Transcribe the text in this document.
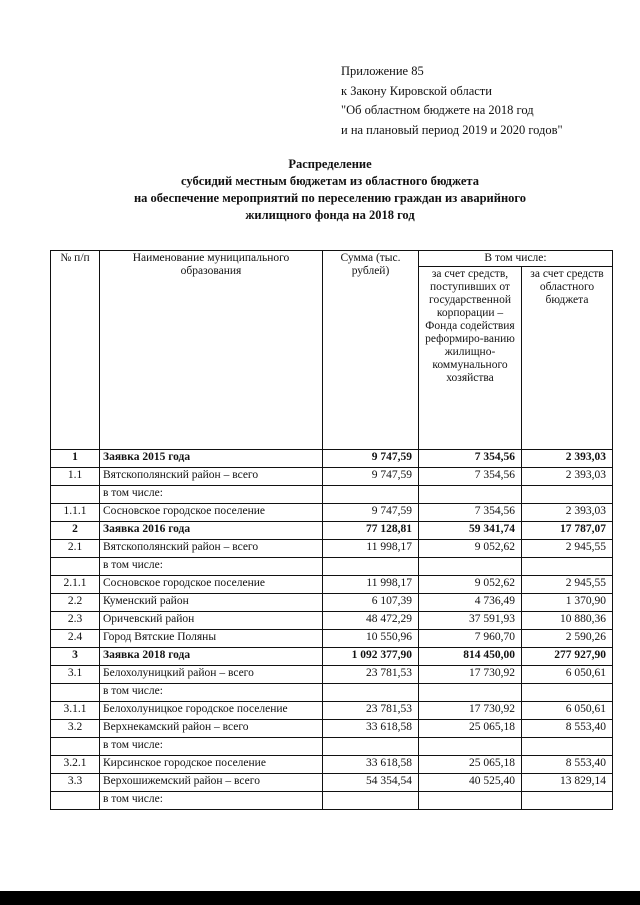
Приложение 85
к Закону Кировской области
"Об областном бюджете на 2018 год
и на плановый период 2019 и 2020 годов"
Распределение
субсидий местным бюджетам из областного бюджета
на обеспечение мероприятий по переселению граждан из аварийного
жилищного фонда на 2018 год
№ п/п	Наименование муниципального образования	Сумма (тыс. рублей)	В том числе:	
			за счет средств, поступивших от государственной корпорации – Фонда содействия реформиро-ванию жилищно-коммунального хозяйства	за счет средств областного бюджета
1	Заявка 2015 года	9 747,59	7 354,56	2 393,03
1.1	Вятскополянский район – всего	9 747,59	7 354,56	2 393,03
	в том числе:			
1.1.1	Сосновское городское поселение	9 747,59	7 354,56	2 393,03
2	Заявка 2016 года	77 128,81	59 341,74	17 787,07
2.1	Вятскополянский район – всего	11 998,17	9 052,62	2 945,55
	в том числе:			
2.1.1	Сосновское городское поселение	11 998,17	9 052,62	2 945,55
2.2	Куменский район	6 107,39	4 736,49	1 370,90
2.3	Оричевский район	48 472,29	37 591,93	10 880,36
2.4	Город Вятские Поляны	10 550,96	7 960,70	2 590,26
3	Заявка 2018 года	1 092 377,90	814 450,00	277 927,90
3.1	Белохолуницкий район – всего	23 781,53	17 730,92	6 050,61
	в том числе:			
3.1.1	Белохолуницкое городское поселение	23 781,53	17 730,92	6 050,61
3.2	Верхнекамский район – всего	33 618,58	25 065,18	8 553,40
	в том числе:			
3.2.1	Кирсинское городское поселение	33 618,58	25 065,18	8 553,40
3.3	Верхошижемский район – всего	54 354,54	40 525,40	13 829,14
	в том числе:			
